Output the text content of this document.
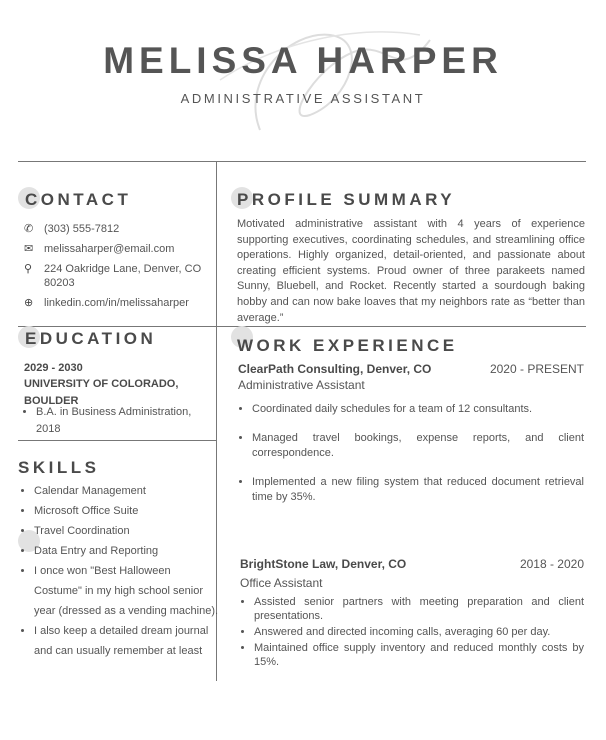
MELISSA HARPER
ADMINISTRATIVE ASSISTANT
CONTACT
✆ (303) 555-7812
✉ melissaharper@email.com
⚲	224 Oakridge Lane, Denver, CO 80203
⊕ linkedin.com/in/melissaharper
EDUCATION
2029 - 2030
UNIVERSITY OF COLORADO, BOULDER
• B.A. in Business Administration, 2018
SKILLS
• Calendar Management
• Microsoft Office Suite
• Travel Coordination
• Data Entry and Reporting
• I once won "Best Halloween Costume" in my high school senior year (dressed as a vending machine).
• I also keep a detailed dream journal and can usually remember at least
PROFILE SUMMARY
Motivated administrative assistant with 4 years of experience supporting executives, coordinating schedules, and streamlining office operations. Highly organized, detail-oriented, and passionate about creating efficient systems. Proud owner of three parakeets named Sunny, Bluebell, and Rocket. Recently started a sourdough baking hobby and can now bake loaves that my neighbors rate as “better than average.”
WORK EXPERIENCE
ClearPath Consulting, Denver, CO	2020 - PRESENT
Administrative Assistant
• Coordinated daily schedules for a team of 12 consultants.
• Managed travel bookings, expense reports, and client correspondence.
• Implemented a new filing system that reduced document retrieval time by 35%.
BrightStone Law, Denver, CO	2018 - 2020
Office Assistant
• Assisted senior partners with meeting preparation and client presentations.
• Answered and directed incoming calls, averaging 60 per day.
• Maintained office supply inventory and reduced monthly costs by 15%.
